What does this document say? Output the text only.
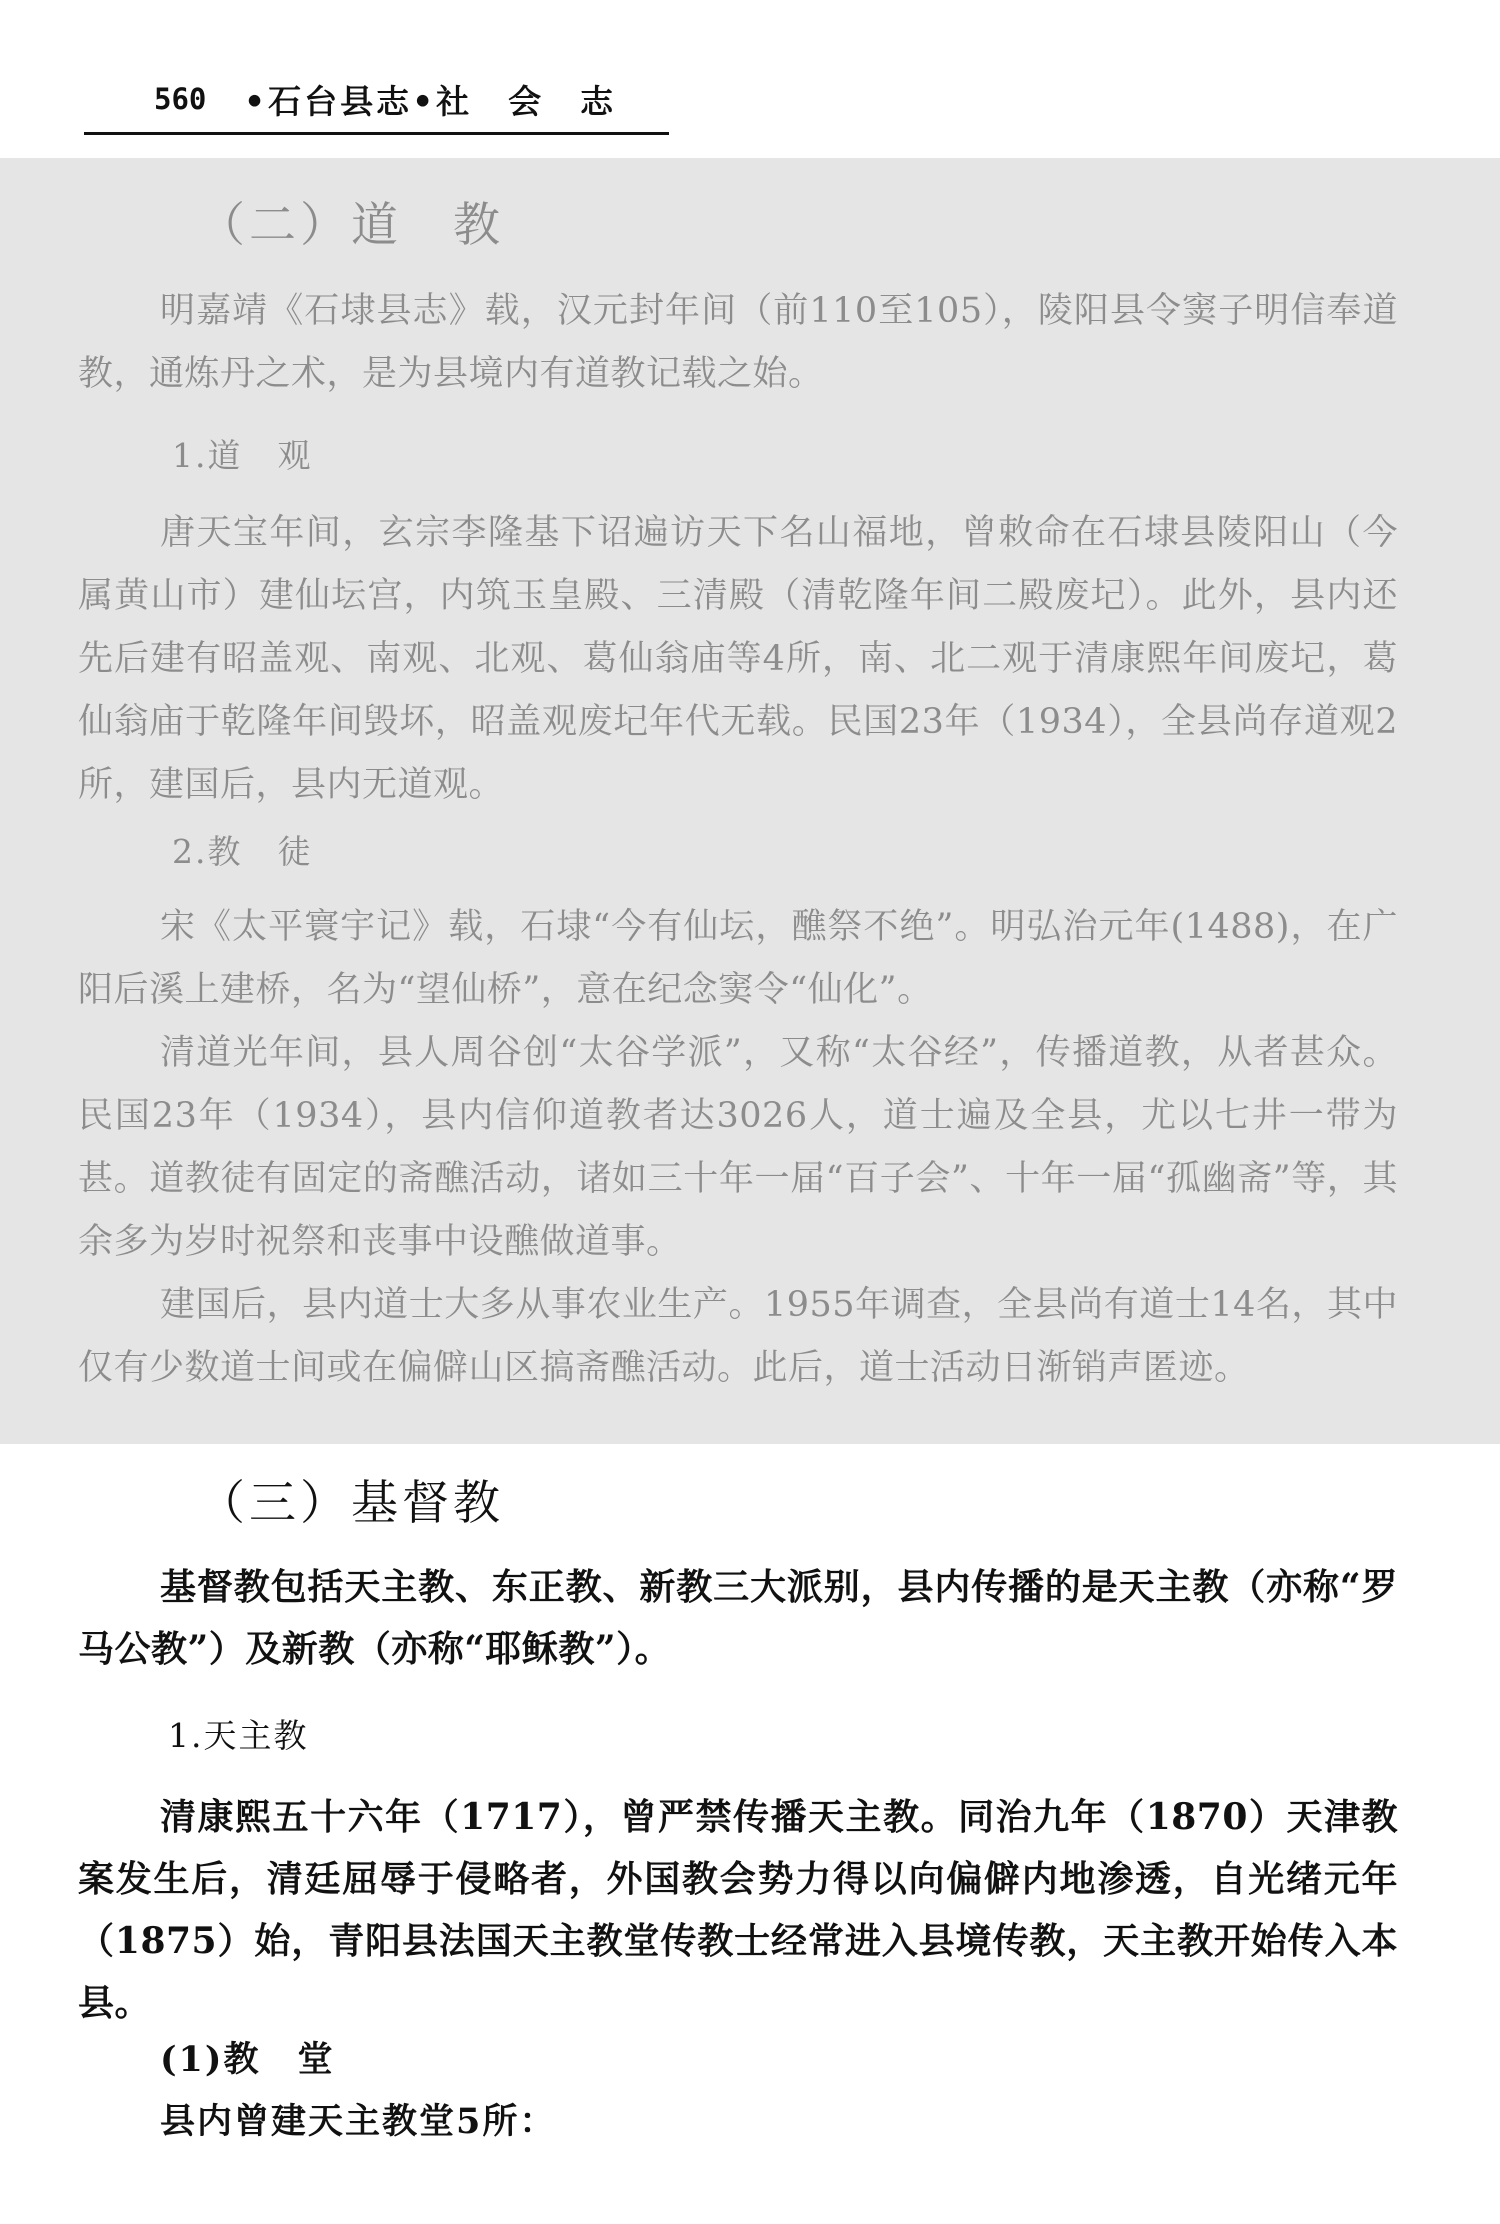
560 •石台县志•社　会　志
（二）道　教

明嘉靖《石埭县志》载，汉元封年间（前110至105），陵阳县令窦子明信奉道教，通炼丹之术，是为县境内有道教记载之始。

1.道　观

唐天宝年间，玄宗李隆基下诏遍访天下名山福地，曾敕命在石埭县陵阳山（今属黄山市）建仙坛宫，内筑玉皇殿、三清殿（清乾隆年间二殿废圮）。此外，县内还先后建有昭盖观、南观、北观、葛仙翁庙等4所，南、北二观于清康熙年间废圮，葛仙翁庙于乾隆年间毁坏，昭盖观废圮年代无载。民国23年（1934），全县尚存道观2所，建国后，县内无道观。

2.教　徒

宋《太平寰宇记》载，石埭“今有仙坛，醮祭不绝”。明弘治元年(1488)，在广阳后溪上建桥，名为“望仙桥”，意在纪念窦令“仙化”。

清道光年间，县人周谷创“太谷学派”，又称“太谷经”，传播道教，从者甚众。民国23年（1934），县内信仰道教者达3026人，道士遍及全县，尤以七井一带为甚。道教徒有固定的斋醮活动，诸如三十年一届“百子会”、十年一届“孤幽斋”等，其余多为岁时祝祭和丧事中设醮做道事。

建国后，县内道士大多从事农业生产。1955年调查，全县尚有道士14名，其中仅有少数道士间或在偏僻山区搞斋醮活动。此后，道士活动日渐销声匿迹。

（三）基督教

基督教包括天主教、东正教、新教三大派别，县内传播的是天主教（亦称“罗马公教”）及新教（亦称“耶稣教”）。

1.天主教

清康熙五十六年（1717），曾严禁传播天主教。同治九年（1870）天津教案发生后，清廷屈辱于侵略者，外国教会势力得以向偏僻内地渗透，自光绪元年（1875）始，青阳县法国天主教堂传教士经常进入县境传教，天主教开始传入本县。

(1)教　堂
县内曾建天主教堂5所：
